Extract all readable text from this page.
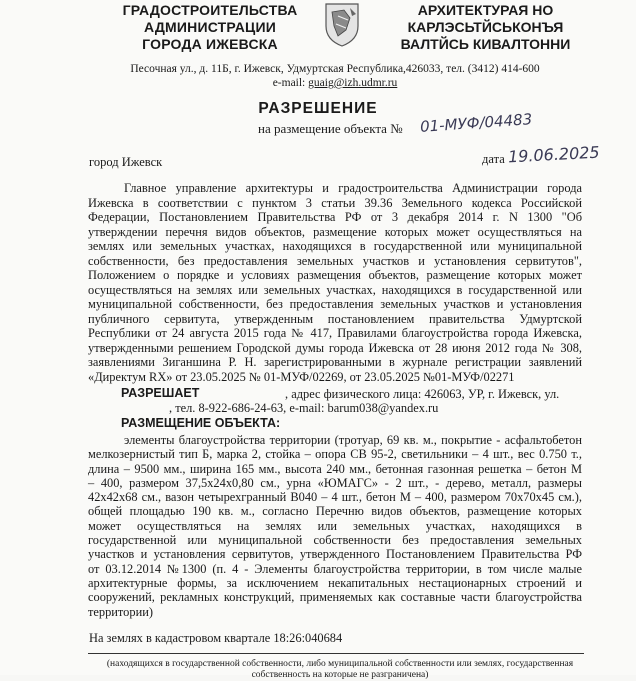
ГРАДОСТРОИТЕЛЬСТВА
АДМИНИСТРАЦИИ
ГОРОДА ИЖЕВСКА
АРХИТЕКТУРАЯ НО
КАРЛЭСЬТЙСЬКОНЪЯ
ВАЛТЙСЬ КИВАЛТОННИ
Песочная ул., д. 11Б, г. Ижевск, Удмуртская Республика,426033, тел. (3412) 414-600
e-mail: guaig@izh.udmr.ru
РАЗРЕШЕНИЕ
на размещение объекта № 01-МУФ/04483
город Ижевск	дата 19.06.2025
Главное управление архитектуры и градостроительства Администрации города
Ижевска в соответствии с пунктом 3 статьи 39.36 Земельного кодекса Российской
Федерации, Постановлением Правительства РФ от 3 декабря 2014 г. N 1300 "Об
утверждении перечня видов объектов, размещение которых может осуществляться на
землях или земельных участках, находящихся в государственной или муниципальной
собственности, без предоставления земельных участков и установления сервитутов",
Положением о порядке и условиях размещения объектов, размещение которых может
осуществляться на землях или земельных участках, находящихся в государственной или
муниципальной собственности, без предоставления земельных участков и установления
публичного сервитута, утвержденным постановлением правительства Удмуртской
Республики от 24 августа 2015 года № 417, Правилами благоустройства города Ижевска,
утвержденными решением Городской думы города Ижевска от 28 июня 2012 года № 308,
заявлениями Зиганшина Р. Н. зарегистрированными в журнале регистрации заявлений
«Директум RX» от 23.05.2025 № 01-МУФ/02269, от 23.05.2025 №01-МУФ/02271
РАЗРЕШАЕТ	, адрес физического лица: 426063, УР, г. Ижевск, ул.
, тел. 8-922-686-24-63, e-mail: barum038@yandex.ru
РАЗМЕЩЕНИЕ ОБЪЕКТА:
элементы благоустройства территории (тротуар, 69 кв. м., покрытие - асфальтобетон
мелкозернистый тип Б, марка 2, стойка – опора СВ 95-2, светильники – 4 шт., вес 0.750 т.,
длина – 9500 мм., ширина 165 мм., высота 240 мм., бетонная газонная решетка – бетон М
– 400, размером 37,5х24х0,80 см., урна «ЮМАГС» - 2 шт., - дерево, металл, размеры
42х42х68 см., вазон четырехгранный В040 – 4 шт., бетон М – 400, размером 70х70х45 см.),
общей площадью 190 кв. м., согласно Перечню видов объектов, размещение которых
может осуществляться на землях или земельных участках, находящихся в
государственной или муниципальной собственности без предоставления земельных
участков и установления сервитутов, утвержденного Постановлением Правительства РФ
от 03.12.2014 №1300 (п. 4 - Элементы благоустройства территории, в том числе малые
архитектурные формы, за исключением некапитальных нестационарных строений и
сооружений, рекламных конструкций, применяемых как составные части благоустройства
территории)
На землях в кадастровом квартале 18:26:040684
(находящихся в государственной собственности, либо муниципальной собственности или землях, государственная
собственность на которые не разграничена)
